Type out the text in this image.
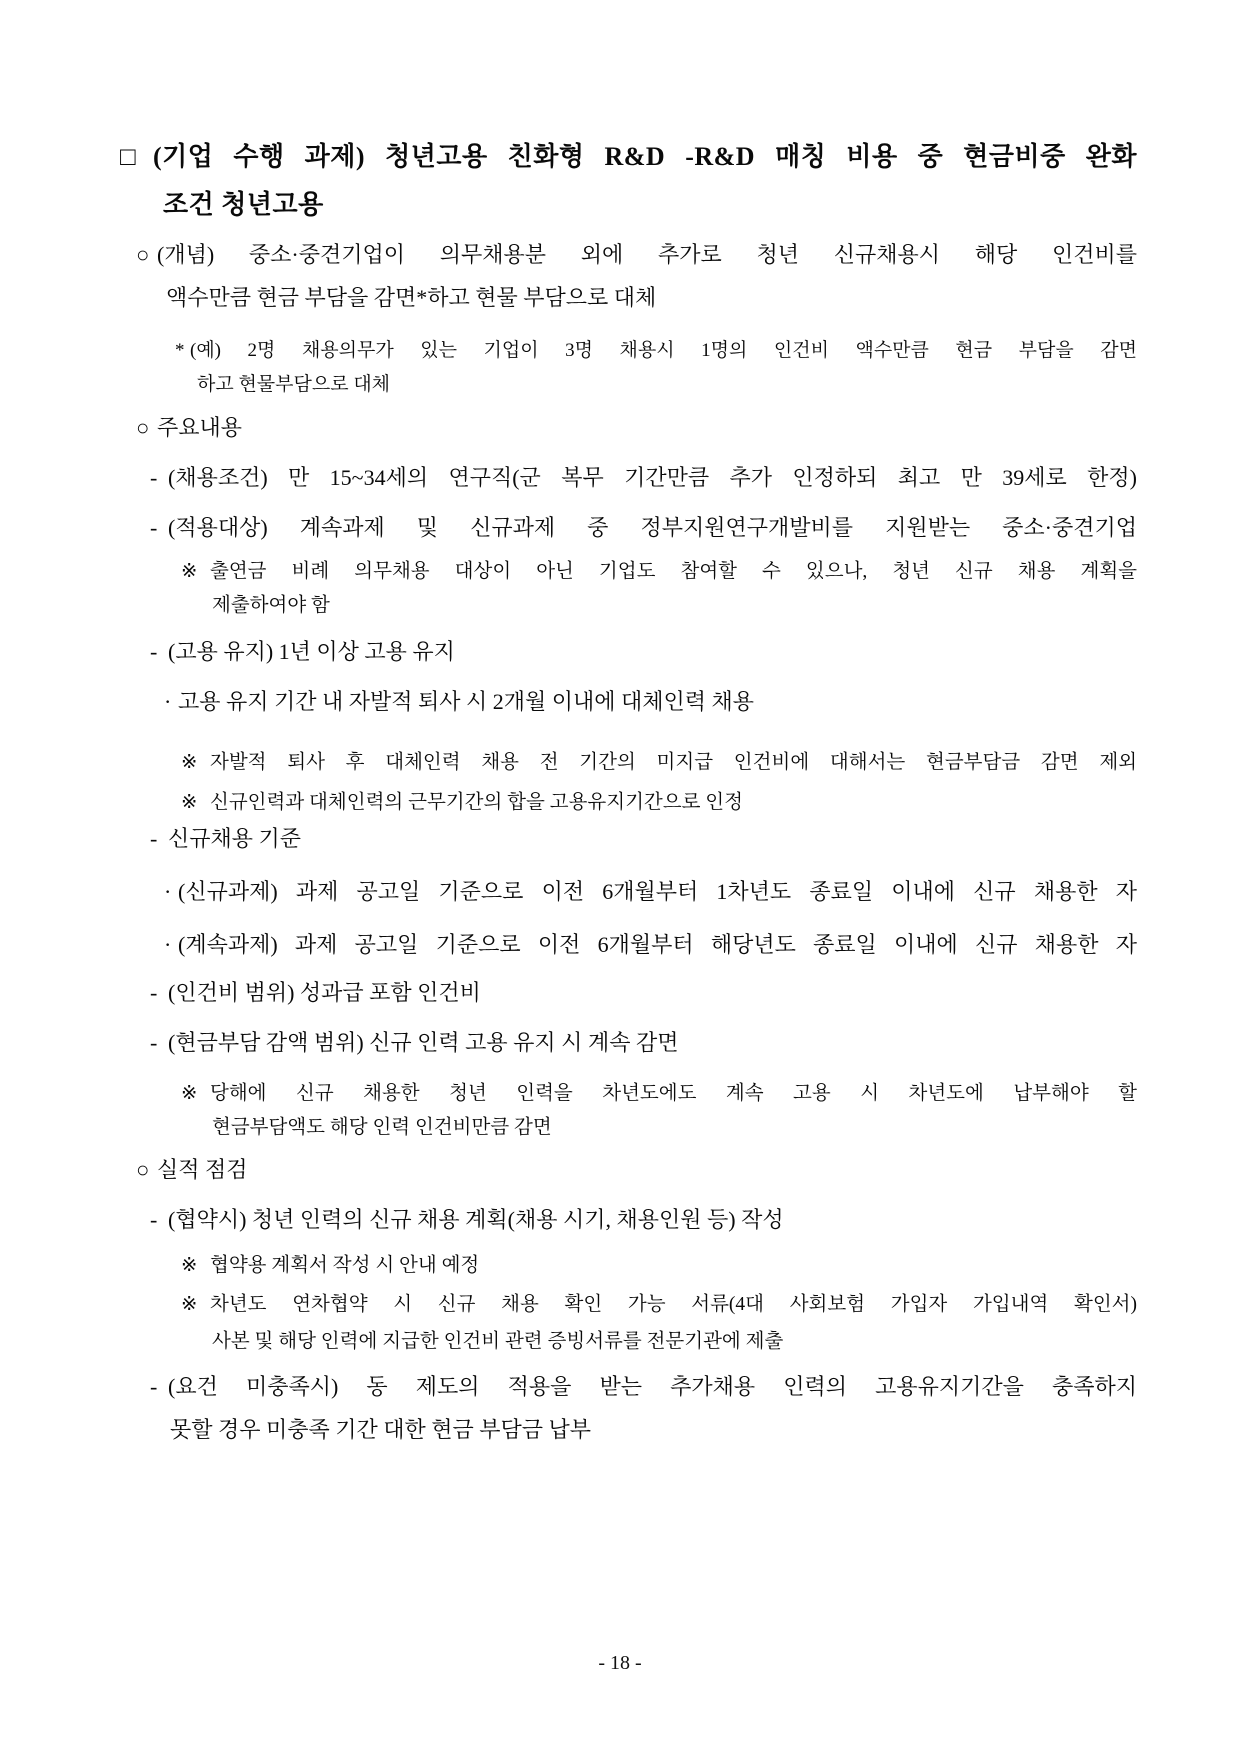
□ (기업 수행 과제) 청년고용 친화형 R&D -R&D 매칭 비용 중 현금비중 완화
조건 청년고용
○ (개념) 중소·중견기업이 의무채용분 외에 추가로 청년 신규채용시 해당 인건비를
액수만큼 현금 부담을 감면*하고 현물 부담으로 대체
* (예) 2명 채용의무가 있는 기업이 3명 채용시 1명의 인건비 액수만큼 현금 부담을 감면
하고 현물부담으로 대체
○ 주요내용
- (채용조건) 만 15~34세의 연구직(군 복무 기간만큼 추가 인정하되 최고 만 39세로 한정)
- (적용대상) 계속과제 및 신규과제 중 정부지원연구개발비를 지원받는 중소·중견기업
※ 출연금 비례 의무채용 대상이 아닌 기업도 참여할 수 있으나, 청년 신규 채용 계획을
제출하여야 함
- (고용 유지) 1년 이상 고용 유지
· 고용 유지 기간 내 자발적 퇴사 시 2개월 이내에 대체인력 채용
※ 자발적 퇴사 후 대체인력 채용 전 기간의 미지급 인건비에 대해서는 현금부담금 감면 제외
※ 신규인력과 대체인력의 근무기간의 합을 고용유지기간으로 인정
- 신규채용 기준
· (신규과제) 과제 공고일 기준으로 이전 6개월부터 1차년도 종료일 이내에 신규 채용한 자
· (계속과제) 과제 공고일 기준으로 이전 6개월부터 해당년도 종료일 이내에 신규 채용한 자
- (인건비 범위) 성과급 포함 인건비
- (현금부담 감액 범위) 신규 인력 고용 유지 시 계속 감면
※ 당해에 신규 채용한 청년 인력을 차년도에도 계속 고용 시 차년도에 납부해야 할
현금부담액도 해당 인력 인건비만큼 감면
○ 실적 점검
- (협약시) 청년 인력의 신규 채용 계획(채용 시기, 채용인원 등) 작성
※ 협약용 계획서 작성 시 안내 예정
※ 차년도 연차협약 시 신규 채용 확인 가능 서류(4대 사회보험 가입자 가입내역 확인서)
사본 및 해당 인력에 지급한 인건비 관련 증빙서류를 전문기관에 제출
- (요건 미충족시) 동 제도의 적용을 받는 추가채용 인력의 고용유지기간을 충족하지
못할 경우 미충족 기간 대한 현금 부담금 납부
- 18 -
